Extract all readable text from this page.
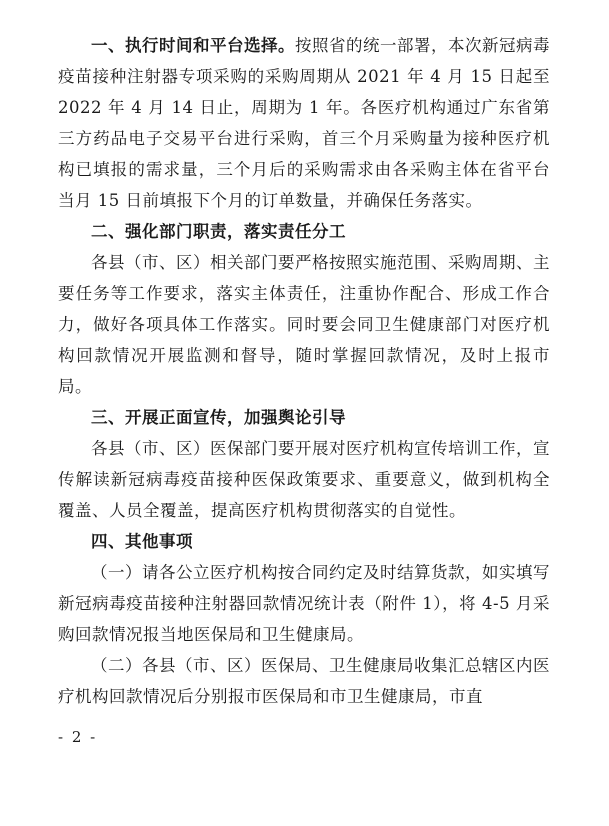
一、执行时间和平台选择。按照省的统一部署，本次新冠病毒疫苗接种注射器专项采购的采购周期从 2021 年 4 月 15 日起至 2022 年 4 月 14 日止，周期为 1 年。各医疗机构通过广东省第三方药品电子交易平台进行采购，首三个月采购量为接种医疗机构已填报的需求量，三个月后的采购需求由各采购主体在省平台当月 15 日前填报下个月的订单数量，并确保任务落实。

二、强化部门职责，落实责任分工

各县（市、区）相关部门要严格按照实施范围、采购周期、主要任务等工作要求，落实主体责任，注重协作配合、形成工作合力，做好各项具体工作落实。同时要会同卫生健康部门对医疗机构回款情况开展监测和督导，随时掌握回款情况，及时上报市局。

三、开展正面宣传，加强舆论引导

各县（市、区）医保部门要开展对医疗机构宣传培训工作，宣传解读新冠病毒疫苗接种医保政策要求、重要意义，做到机构全覆盖、人员全覆盖，提高医疗机构贯彻落实的自觉性。

四、其他事项

（一）请各公立医疗机构按合同约定及时结算货款，如实填写新冠病毒疫苗接种注射器回款情况统计表（附件 1），将 4-5 月采购回款情况报当地医保局和卫生健康局。

（二）各县（市、区）医保局、卫生健康局收集汇总辖区内医疗机构回款情况后分别报市医保局和市卫生健康局，市直

- 2 -
